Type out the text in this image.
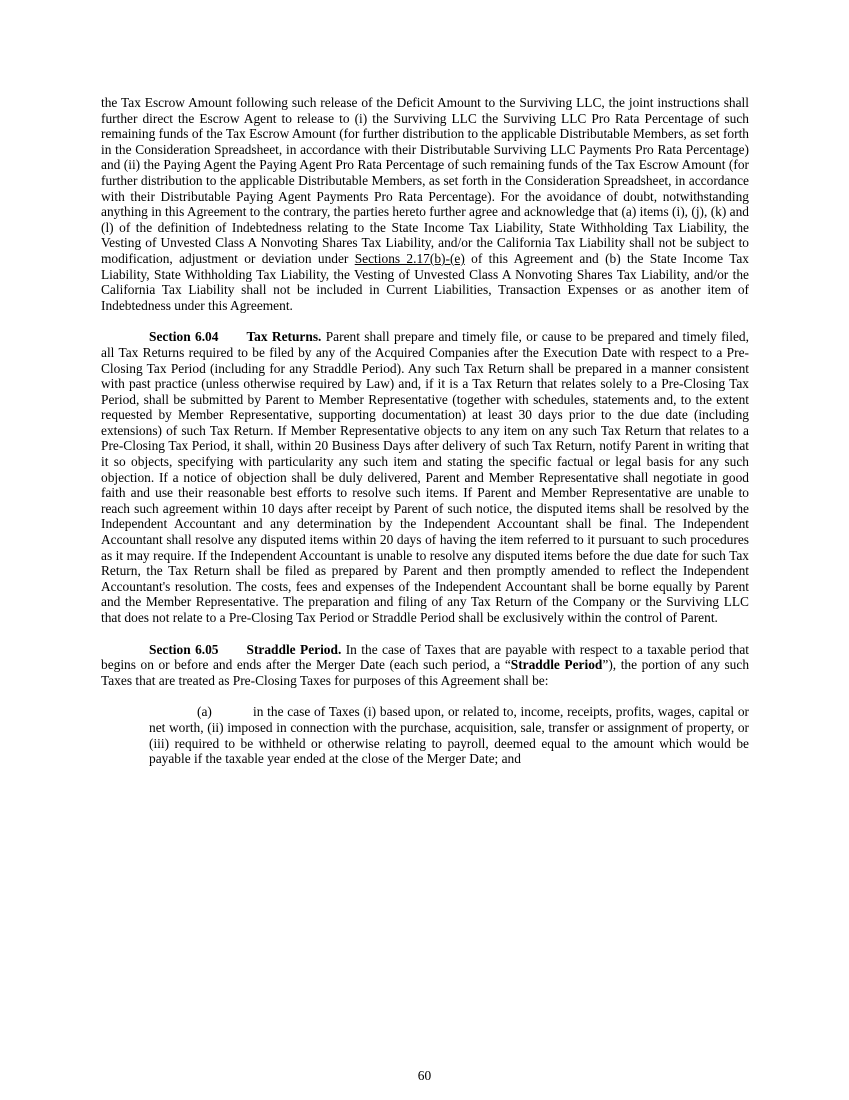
the Tax Escrow Amount following such release of the Deficit Amount to the Surviving LLC, the joint instructions shall further direct the Escrow Agent to release to (i) the Surviving LLC the Surviving LLC Pro Rata Percentage of such remaining funds of the Tax Escrow Amount (for further distribution to the applicable Distributable Members, as set forth in the Consideration Spreadsheet, in accordance with their Distributable Surviving LLC Payments Pro Rata Percentage) and (ii) the Paying Agent the Paying Agent Pro Rata Percentage of such remaining funds of the Tax Escrow Amount (for further distribution to the applicable Distributable Members, as set forth in the Consideration Spreadsheet, in accordance with their Distributable Paying Agent Payments Pro Rata Percentage). For the avoidance of doubt, notwithstanding anything in this Agreement to the contrary, the parties hereto further agree and acknowledge that (a) items (i), (j), (k) and (l) of the definition of Indebtedness relating to the State Income Tax Liability, State Withholding Tax Liability, the Vesting of Unvested Class A Nonvoting Shares Tax Liability, and/or the California Tax Liability shall not be subject to modification, adjustment or deviation under Sections 2.17(b)-(e) of this Agreement and (b) the State Income Tax Liability, State Withholding Tax Liability, the Vesting of Unvested Class A Nonvoting Shares Tax Liability, and/or the California Tax Liability shall not be included in Current Liabilities, Transaction Expenses or as another item of Indebtedness under this Agreement.

Section 6.04 Tax Returns. Parent shall prepare and timely file, or cause to be prepared and timely filed, all Tax Returns required to be filed by any of the Acquired Companies after the Execution Date with respect to a Pre-Closing Tax Period (including for any Straddle Period). Any such Tax Return shall be prepared in a manner consistent with past practice (unless otherwise required by Law) and, if it is a Tax Return that relates solely to a Pre-Closing Tax Period, shall be submitted by Parent to Member Representative (together with schedules, statements and, to the extent requested by Member Representative, supporting documentation) at least 30 days prior to the due date (including extensions) of such Tax Return. If Member Representative objects to any item on any such Tax Return that relates to a Pre-Closing Tax Period, it shall, within 20 Business Days after delivery of such Tax Return, notify Parent in writing that it so objects, specifying with particularity any such item and stating the specific factual or legal basis for any such objection. If a notice of objection shall be duly delivered, Parent and Member Representative shall negotiate in good faith and use their reasonable best efforts to resolve such items. If Parent and Member Representative are unable to reach such agreement within 10 days after receipt by Parent of such notice, the disputed items shall be resolved by the Independent Accountant and any determination by the Independent Accountant shall be final. The Independent Accountant shall resolve any disputed items within 20 days of having the item referred to it pursuant to such procedures as it may require. If the Independent Accountant is unable to resolve any disputed items before the due date for such Tax Return, the Tax Return shall be filed as prepared by Parent and then promptly amended to reflect the Independent Accountant's resolution. The costs, fees and expenses of the Independent Accountant shall be borne equally by Parent and the Member Representative. The preparation and filing of any Tax Return of the Company or the Surviving LLC that does not relate to a Pre-Closing Tax Period or Straddle Period shall be exclusively within the control of Parent.

Section 6.05 Straddle Period. In the case of Taxes that are payable with respect to a taxable period that begins on or before and ends after the Merger Date (each such period, a “Straddle Period”), the portion of any such Taxes that are treated as Pre-Closing Taxes for purposes of this Agreement shall be:

(a)	in the case of Taxes (i) based upon, or related to, income, receipts, profits, wages, capital or net worth, (ii) imposed in connection with the purchase, acquisition, sale, transfer or assignment of property, or (iii) required to be withheld or otherwise relating to payroll, deemed equal to the amount which would be payable if the taxable year ended at the close of the Merger Date; and

60
